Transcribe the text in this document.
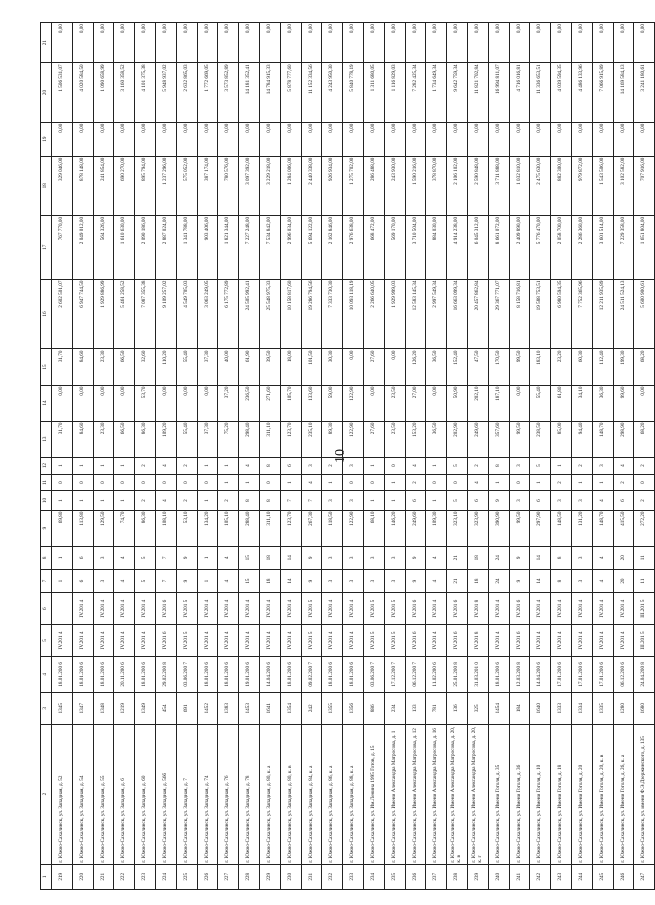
10
1	2	3	4	5	6	7	8	9	10	11	12	13	14	15	16	17	18	19	20	21
219	г. Южно-Сахалинск, ул. Западная, д. 52	1345	18.01.200 6	IV.201 4		1	1	69,80	1	0	1	31,70	0,00	31,70	2 602 501,07	767 770,00	329 046,00	0,00	1 506 ​531,07	0,00
220	г. Южно-Сахалинск, ул. Западная, д. 54	1347	18.01.200 6	IV.201 4	IV.201 4	6	6	113,80	1	0	1	84,60	0,00	84,60	6 947 744,50	2 049 012,00	878 148,00	0,00	4 020 584,50	0,00
221	г. Южно-Сахалинск, ул. Западная, д. 55	1348	18.01.200 6	IV.201 4	IV.201 4	3	3	129,50	1	0	1	23,30	0,00	23,30	1 929 886,99	564 326,00	241 854,00	0,00	1 090 658,99	0,00
222	г. Южно-Сахалинск, ул. Западная, д. 6	1219	20.11.200 6	IV.201 4	IV.201 4	4	4	74,70	1	0	1	66,50	0,00	66,50	5 461 258,52	1 610 630,00	690 270,00	0,00	3 160 358,52	0,00
223	г. Южно-Сахалинск, ул. Западная, д. 60	1349	18.01.200 6	IV.201 4	IV.201 4	5	5	86,30	2	0	2	86,30	53,70	32,60	7 087 355,38	2 090 186,00	895 794,00	0,00	4 101 375,38	0,00
224	г. Южно-Сахалинск, ул. Западная, д. 56б	454	29.02.200 8	IV.201 6	IV.201 6	7	7	108,10	4	0	4	109,20	0,00	110,20	9 109 257,02	2 887 024,00	1 237 296,00	0,00	5 948 937,02	0,00
225	г. Южно-Сахалинск, ул. Западная, д. 7	691	03.06.200 7	IV.201 5	IV.201 5	9	9	53,10	2	0	2	55,40	0,00	55,40	4 549 705,03	1 341 788,00	575 052,00	0,00	2 632 865,03	0,00
226	г. Южно-Сахалинск, ул. Западная, д. 74	1452	18.01.200 6	IV.201 4	IV.201 4	1	1	134,20	1	0	1	37,30	0,00	37,30	3 063 249,05	903 406,00	387 174,00	0,00	1 772 669,05	0,00
227	г. Южно-Сахалинск, ул. Западная, д. 76	1383	18.01.200 6	IV.201 4	IV.201 4	4	4	105,10	2	1	1	75,20	37,20	40,00	6 175 772,89	1 821 344,00	780 576,00	0,00	3 573 852,89	0,00
228	г. Южно-Сахалинск, ул. Западная, д. 78	1453	19.01.200 6	IV.201 4	IV.201 4	15	15	288,40	8	1	4	298,40	236,50	61,90	24 505 992,41	7 227 248,00	3 097 392,00	0,00	14 181 352,41	0,00
229	г. Южно-Сахалинск, ул. Западная, д. 80, к. а	1641	14.04.200 6	IV.201 4	IV.201 4	18	18	311,10	8	0	8	311,10	271,60	39,50	25 548 975,33	7 534 842,00	3 229 218,00	0,00	14 784 915,33	0,00
230	г. Южно-Сахалинск, ул. Западная, д. 80, к. в	1354	18.01.200 6	IV.201 4	IV.201 4	14	14	123,70	7	1	6	123,70	105,70	18,00	10 158 817,60	2 996 034,00	1 284 006,00	0,00	5 878 777,60	0,00
231	г. Южно-Сахалинск, ул. Западная, д. 84, к. а	242	09.02.200 7	IV.201 5	IV.201 5	9	9	267,30	7	4	3	235,10	133,60	101,50	19 286 794,56	5 694 122,00	2 440 338,00	0,00	11 152 334,56	0,00
232	г. Южно-Сахалинск, ул. Западная, д. 86, к. а	1355	18.01.200 6	IV.201 4	IV.201 4	3	3	118,50	3	1	2	89,30	59,00	30,30	7 333 730,30	2 162 846,00	926 934,00	0,00	4 243 950,30	0,00
233	г. Южно-Сахалинск, ул. Западная, д. 88, к. а	1356	18.01.200 6	IV.201 4	IV.201 4	3	3	122,90	3	0	3	122,90	122,90	0,00	10 093 118,19	2 976 638,00	1 275 702,00	0,00	5 840 778,19	0,00
234	г. Южно-Сахалинск, ул. Им.Ленина 1995 Готов, д. 15	886	03.06.200 7	IV.201 5	IV.201 5	3	3	68,10	1	0	1	27,60	0,00	27,60	2 266 640,05	668 472,00	286 488,00	0,00	1 311 680,05	0,00
235	г. Южно-Сахалинск, ул. Имени Александра Матросова, д. 1	234	17.12.200 7	IV.201 5	IV.201 5	3	3	146,20	1	1	0	23,50	23,50	0,00	1 929 999,03	569 170,00	243 930,00	0,00	1 116 829,03	0,00
236	г. Южно-Сахалинск, ул. Имени Александра Матросова, д. 12	133	06.12.200 7	IV.201 6	IV.201 6	9	9	249,60	6	2	4	153,20	27,00	126,20	12 583 145,34	3 710 504,00	1 590 216,00	0,00	7 282 425,34	0,00
237	г. Южно-Сахалинск, ул. Имени Александра Матросова, д. 16	781	11.02.200 6	IV.201 4	IV.201 4	4	4	109,30	1	0	1	36,50	0,00	36,50	2 997 549,34	884 030,00	378 870,00	0,00	1 734 649,34	0,00
238	г. Южно-Сахалинск, ул. Имени Александра Матросова, д. 20, к. в	136	25.01.200 8	IV.201 6	IV.201 6	21	21	323,10	5	0	5	202,90	50,90	152,40	16 663 099,34	4 914 238,00	2 106 102,00	0,00	9 642 759,34	0,00
239	г. Южно-Сахалинск, ул. Имени Александра Матросова, д. 20, к. г	325	31.03.201 0	IV.201 8	IV.201 8	18	18	323,90	6	4	2	249,60	202,10	47,50	20 457 862,84	6 045 312,00	2 590 848,00	0,00	11 821 702,84	0,00
240	г. Южно-Сахалинск, ул. Имени Гоголя, д. 35	1454	18.01.200 6	IV.201 4	IV.201 4	24	24	390,90	9	1	8	357,60	187,10	170,50	29 367 771,07	8 661 072,00	3 711 888,00	0,00	16 994 811,07	0,00
241	г. Южно-Сахалинск, ул. Имени Гоголя, д. 36	184	12.03.200 8	IV.201 6	IV.201 6	9	9	99,50	3	0	3	99,50	0,00	99,50	8 158 716,81	2 409 890,00	1 032 810,00	0,00	4 716 016,81	0,00
242	г. Южно-Сахалинск, ул. Имени Гоголя, д. 10	1640	14.04.200 6	IV.201 4	IV.201 4	14	14	297,90	6	1	5	238,50	55,40	183,10	19 588 753,51	5 776 470,00	2 475 630,00	0,00	11 336 653,51	0,00
243	г. Южно-Сахалинск, ул. Имени Гоголя, д. 18	1333	17.01.200 6	IV.201 4	IV.201 4	8	8	148,50	3	2	1	85,00	61,80	23,20	6 980 594,35	2 058 700,00	882 300,00	0,00	4 039 594,35	0,00
244	г. Южно-Сахалинск, ул. Имени Гоголя, д. 20	1334	17.01.200 6	IV.201 4	IV.201 4	3	3	131,20	3	1	2	94,40	34,10	60,30	7 752 365,96	2 286 360,00	979 872,00	0,00	4 486 133,96	0,00
245	г. Южно-Сахалинск, ул. Имени Гоголя, д. 20, к. в	1335	17.01.200 6	IV.201 4	IV.201 4	4	4	148,70	4	1	3	148,70	36,30	112,40	12 211 935,89	3 601 514,00	1 543 506,00	0,00	7 066 915,89	0,00
246	г. Южно-Сахалинск, ул. Имени Гоголя, д. 26, к. а	1280	06.12.200 6	IV.201 4	IV.201 4	20	20	415,50	6	2	4	298,90	99,60	199,30	24 511 524,13	7 229 358,00	3 102 582,00	0,00	14 169 584,13	0,00
247	г. Южно-Сахалинск, ул. имени Ф.Э.Дзержинского, д. 135	1680	24.04.200 8	III.201 5	III.201 5	11	11	272,20	2	0	2	68,20	0,00	68,20	5 600 900,61	1 651 804,00	707 916,00	0,00	3 241 180,61	0,00
